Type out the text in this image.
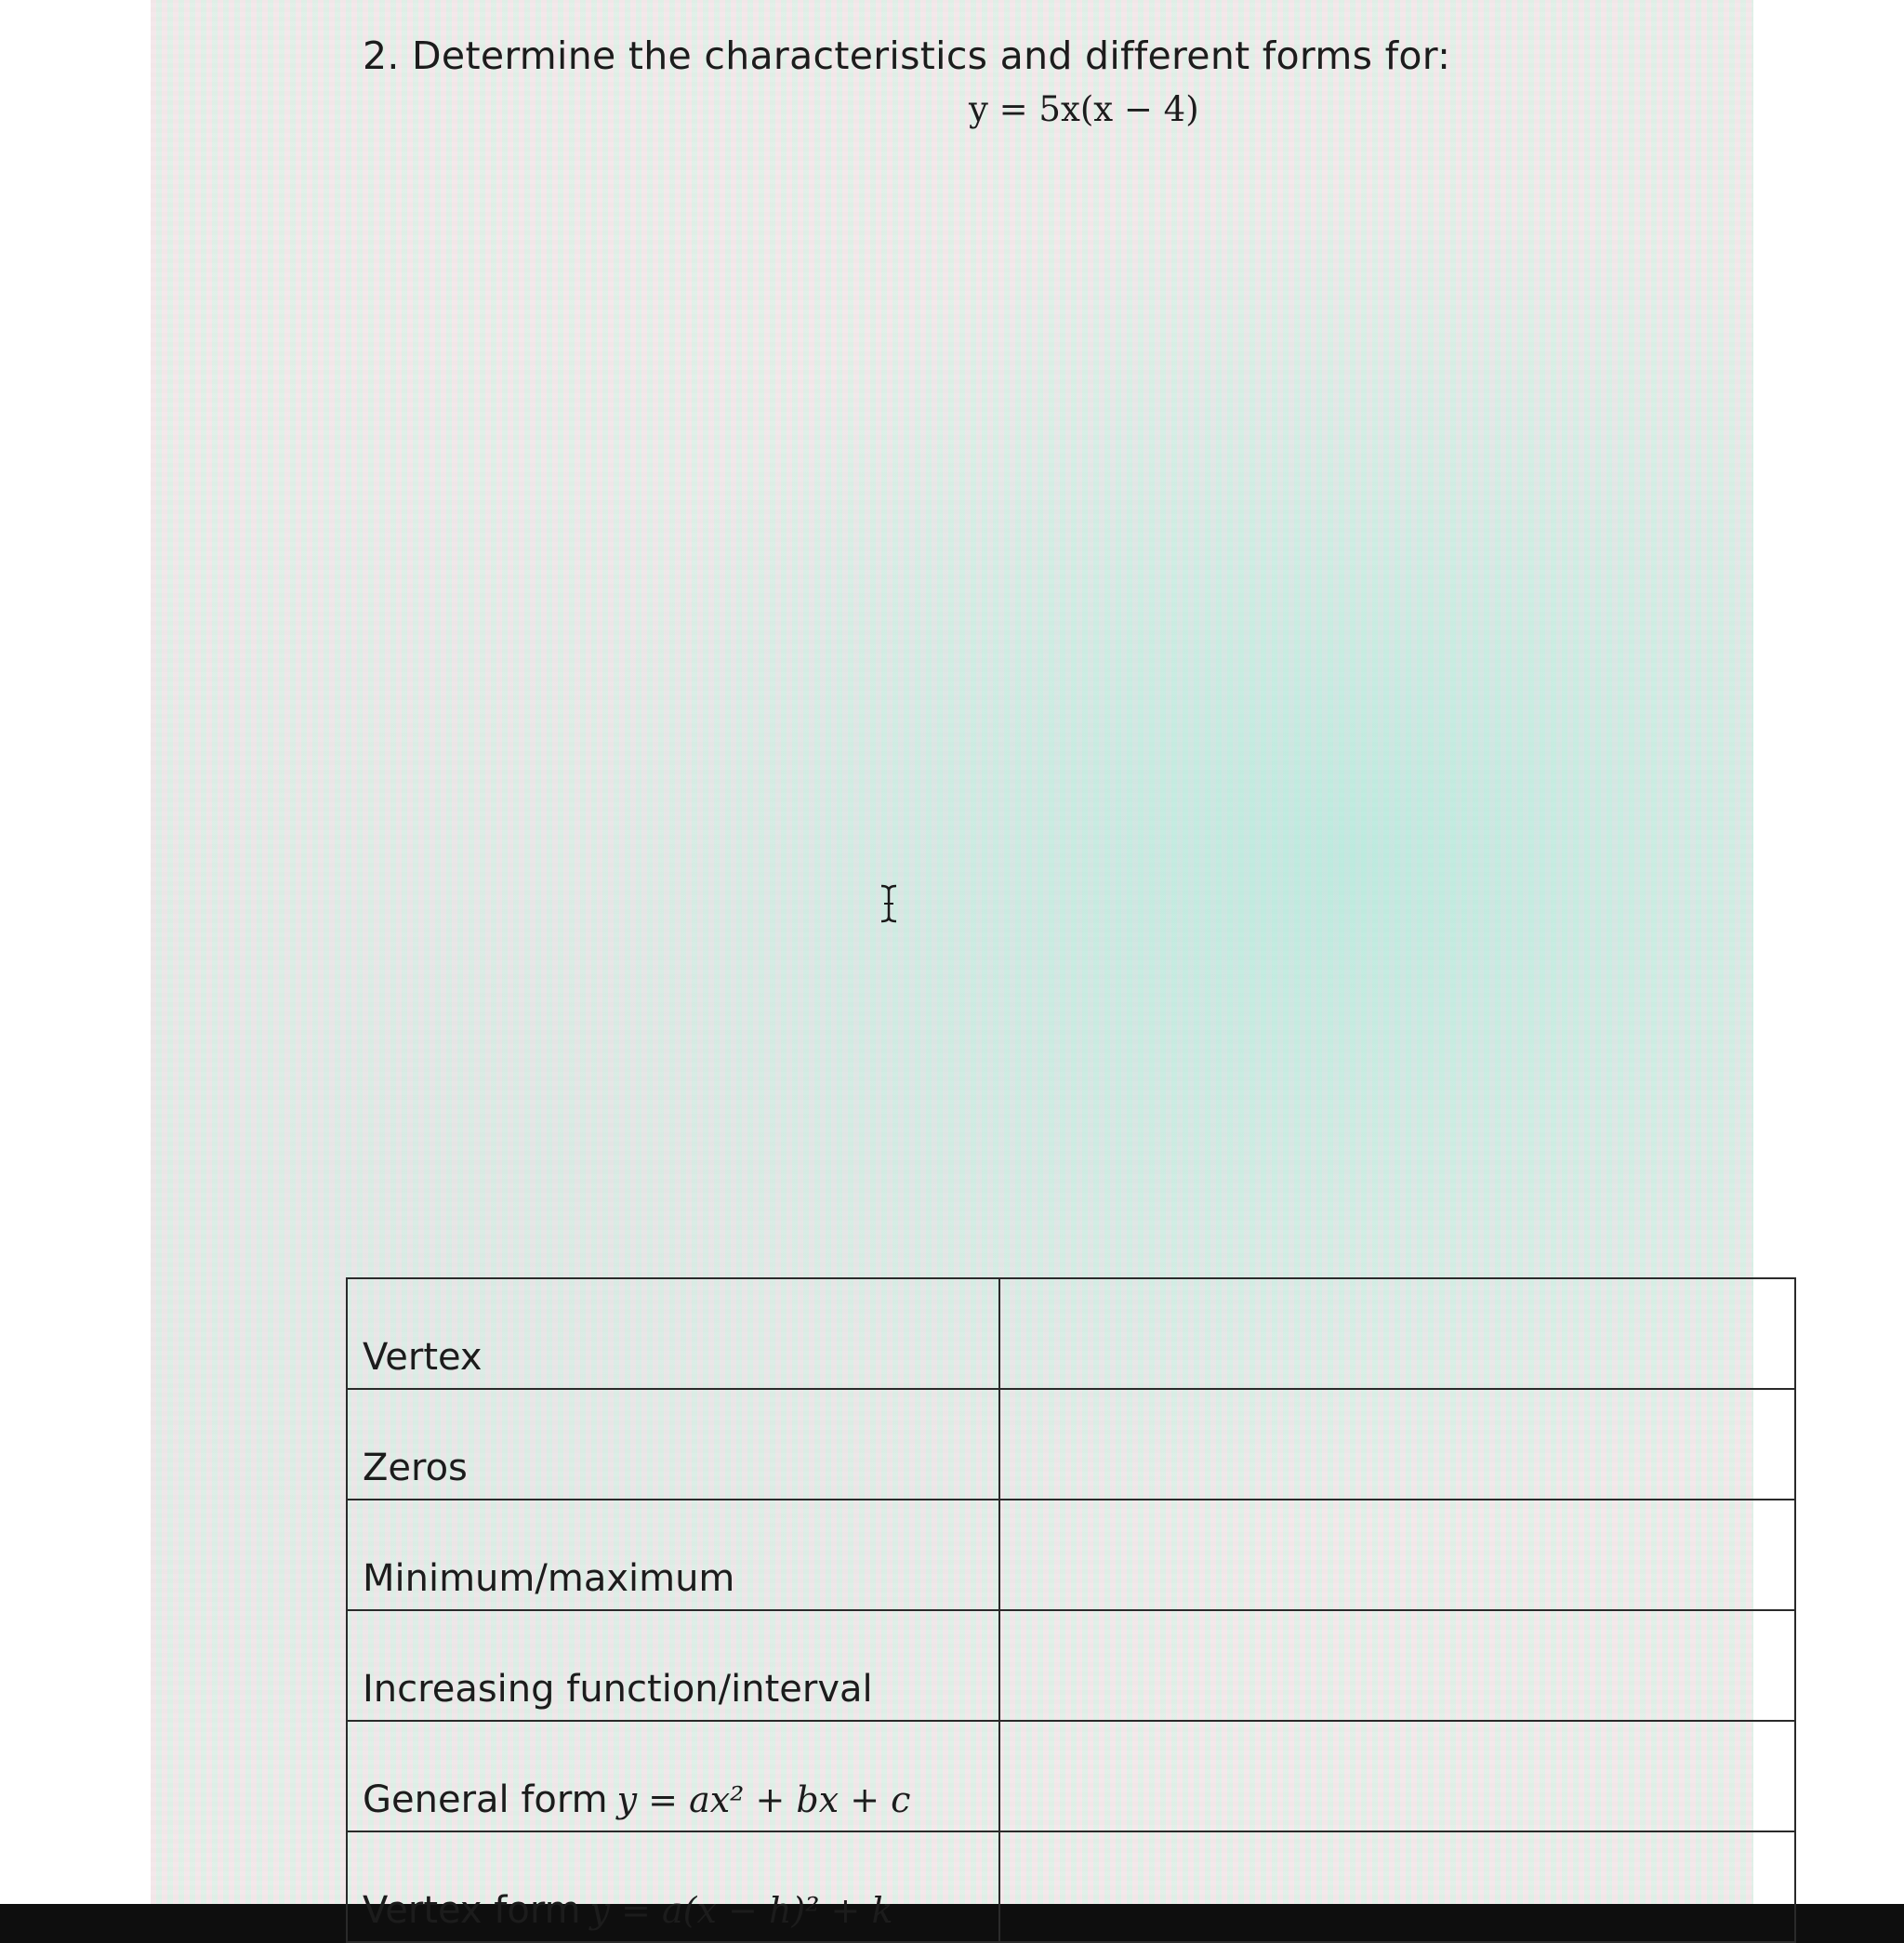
2. Determine the characteristics and different forms for:
y = 5x(x − 4)
Vertex	
Zeros	
Minimum/maximum	
Increasing function/interval	
General form y = ax² + bx + c	
Vertex form y = a(x − h)² + k	
